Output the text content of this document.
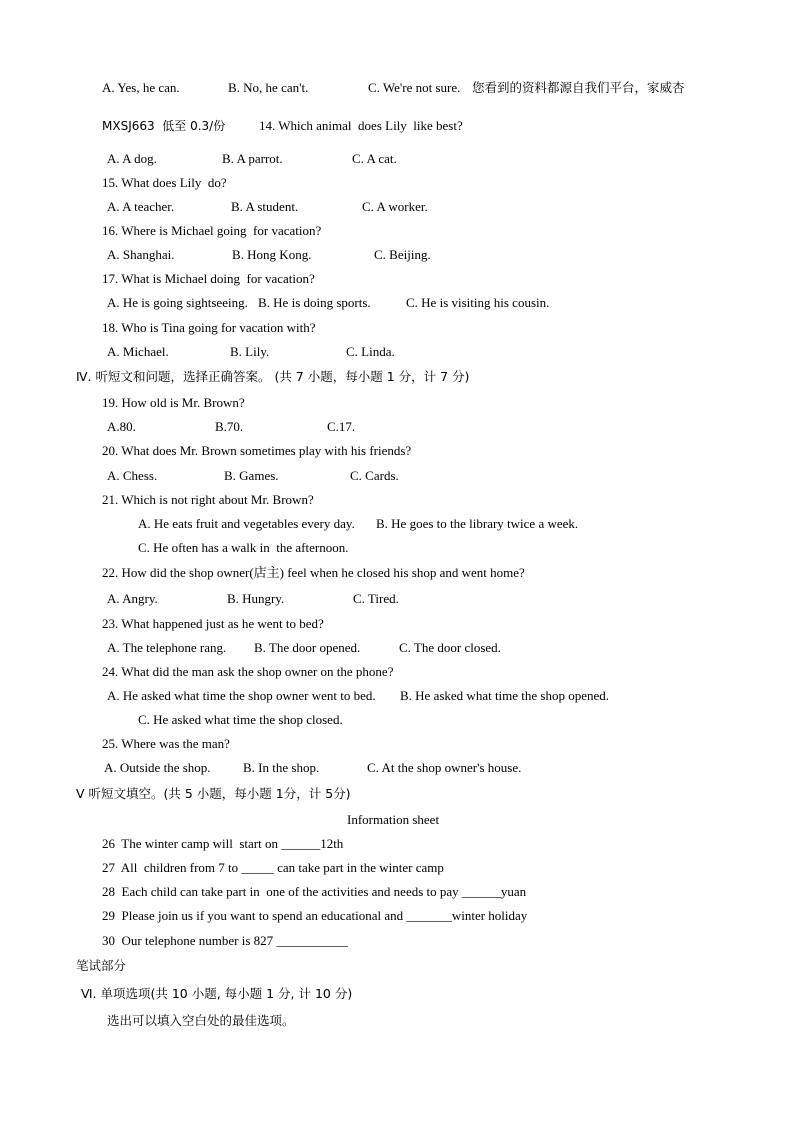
A. Yes, he can.	B. No, he can't.	C. We're not sure. 您看到的资料都源自我们平台，家威杏
MXSJ663  低至 0.3/份	14. Which animal  does Lily  like best?
A. A dog.	B. A parrot.	C. A cat.
15. What does Lily  do?
A. A teacher.	B. A student.	C. A worker.
16. Where is Michael going  for vacation?
A. Shanghai.	B. Hong Kong.	C. Beijing.
17. What is Michael doing  for vacation?
A. He is going sightseeing. B. He is doing sports.	C. He is visiting his cousin.
18. Who is Tina going for vacation with?
A. Michael.	B. Lily.	C. Linda.
Ⅳ. 听短文和问题，选择正确答案。 (共 7 小题，每小题 1 分，计 7 分)
19. How old is Mr. Brown?
A.80.	B.70.	C.17.
20. What does Mr. Brown sometimes play with his friends?
A. Chess.	B. Games.	C. Cards.
21. Which is not right about Mr. Brown?
A. He eats fruit and vegetables every day. B. He goes to the library twice a week.
C. He often has a walk in  the afternoon.
22. How did the shop owner(店主) feel when he closed his shop and went home?
A. Angry.	B. Hungry.	C. Tired.
23. What happened just as he went to bed?
A. The telephone rang. B. The door opened.	C. The door closed.
24. What did the man ask the shop owner on the phone?
A. He asked what time the shop owner went to bed. B. He asked what time the shop opened.
C. He asked what time the shop closed.
25. Where was the man?
A. Outside the shop. B. In the shop.	C. At the shop owner's house.
Ⅴ 听短文填空。(共 5 小题，每小题 1分，计 5分)
Information sheet
26  The winter camp will  start on ______12th
27  All  children from 7 to _____ can take part in the winter camp
28  Each child can take part in  one of the activities and needs to pay ______yuan
29  Please join us if you want to spend an educational and _______winter holiday
30  Our telephone number is 827 ___________
笔试部分
Ⅵ. 单项选项(共 10 小题, 每小题 1 分, 计 10 分)
选出可以填入空白处的最佳选项。
